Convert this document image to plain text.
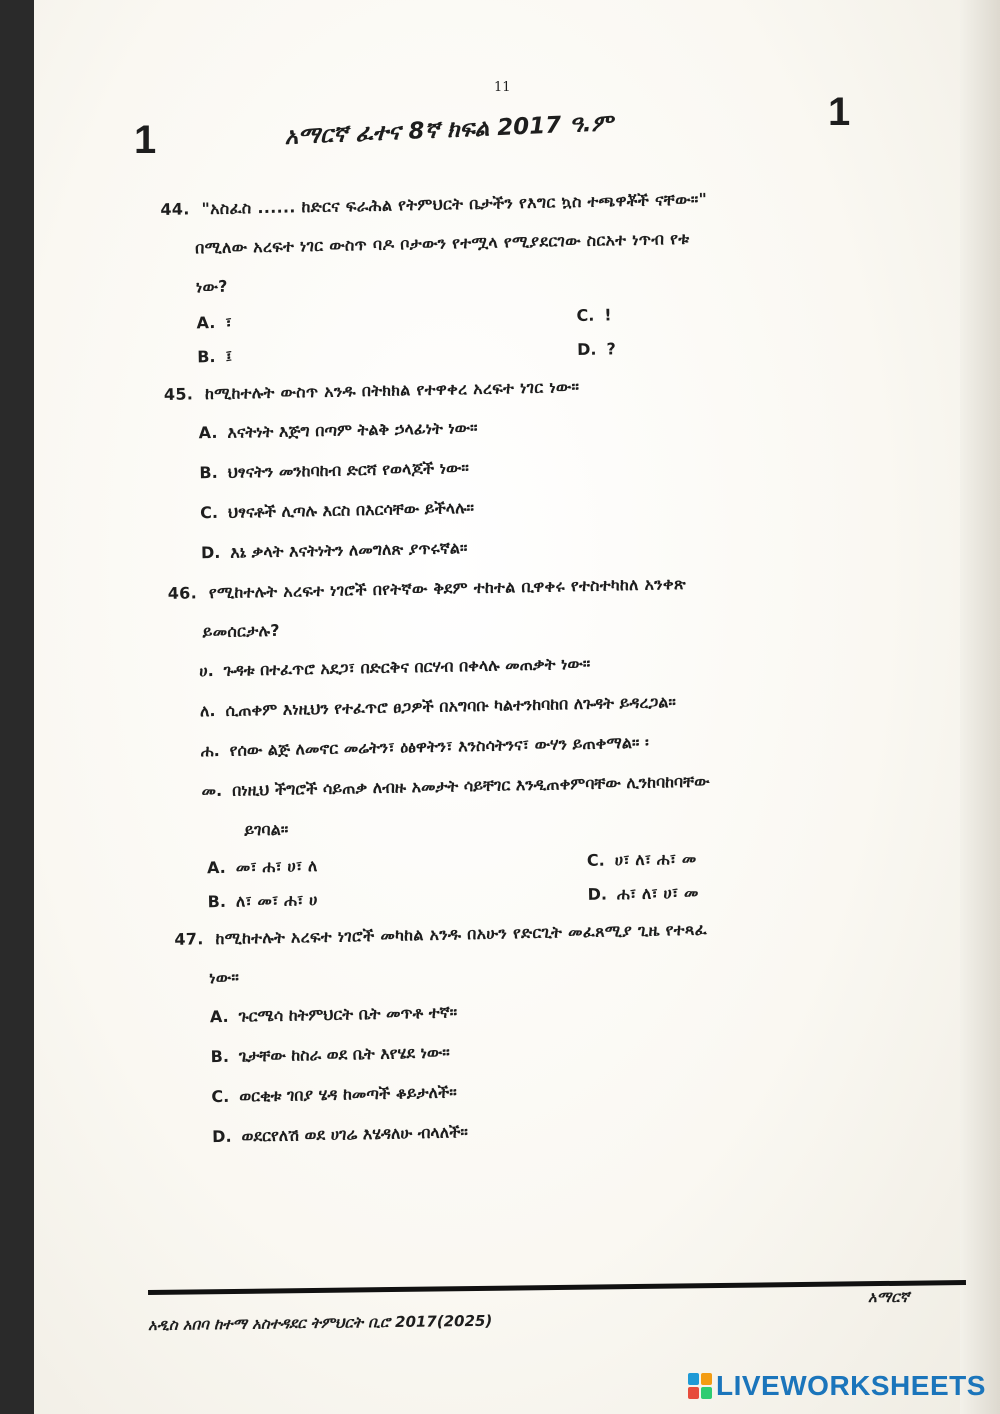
11
1
1
አማርኛ ፈተና 8ኛ ክፍል 2017 ዓ.ም
44. "አስፈስ ...... ከድርና ፍራሕል የትምህርት ቤታችን የእግር ኳስ ተጫዋቾች ናቸው።"
በሚለው አረፍተ ነገር ውስጥ ባዶ ቦታውን የተሟላ የሚያደርገው ስርአተ ነጥብ የቱ
ነው?
A. ፣	C. !
B. ፤	D. ?
45. ከሚከተሉት ውስጥ አንዱ በትክክል የተዋቀረ አረፍተ ነገር ነው።
A. እናትነት እጅግ በጣም ትልቅ ኃላፊነት ነው።
B. ህፃናትን መንከባከብ ድርሻ የወላጆች ነው።
C. ህፃናቶች ሊጣሉ እርስ በእርሳቸው ይችላሉ።
D. እኔ ቃላት እናትነትን ለመግለጽ ያጥሩኛል።
46. የሚከተሉት አረፍተ ነገሮች በየትኛው ቅደም ተከተል ቢዋቀሩ የተስተካከለ አንቀጽ
ይመሰርታሉ?
ሀ. ጉዳቱ በተፈጥሮ አደጋ፣ በድርቅና በርሃብ በቀላሉ መጠቃት ነው።
ለ. ሲጠቀም እነዚህን የተፈጥሮ ፀጋዎች በአግባቡ ካልተንከባከበ ለጉዳት ይዳረጋል።
ሐ. የሰው ልጅ ለመኖር መሬትን፣ ዕፅዋትን፣ እንስሳትንና፣ ውሃን ይጠቀማል። ፡
መ. በነዚህ ችግሮች ሳይጠቃ ለብዙ አመታት ሳይቸገር እንዲጠቀምባቸው ሊንከባከባቸው
ይገባል።
A. መ፣ ሐ፣ ሀ፣ ለ	C. ሀ፣ ለ፣ ሐ፣ መ
B. ለ፣ መ፣ ሐ፣ ሀ	D. ሐ፣ ለ፣ ሀ፣ መ
47. ከሚከተሉት አረፍተ ነገሮች መካከል አንዱ በአሁን የድርጊት መፈጸሚያ ጊዜ የተጻፈ
ነው።
A. ጉርሜሳ ከትምህርት ቤት መጥቶ ተኛ።
B. ጌታቸው ከስራ ወደ ቤት እየሄደ ነው።
C. ወርቂቱ ገበያ ሄዳ ከመጣች ቆይታለች።
D. ወደርየለሽ ወደ ሀገሬ እሄዳለሁ ብላለች።
አማርኛ
አዲስ አበባ ከተማ አስተዳደር ትምህርት ቢሮ 2017(2025)
LIVEWORKSHEETS
